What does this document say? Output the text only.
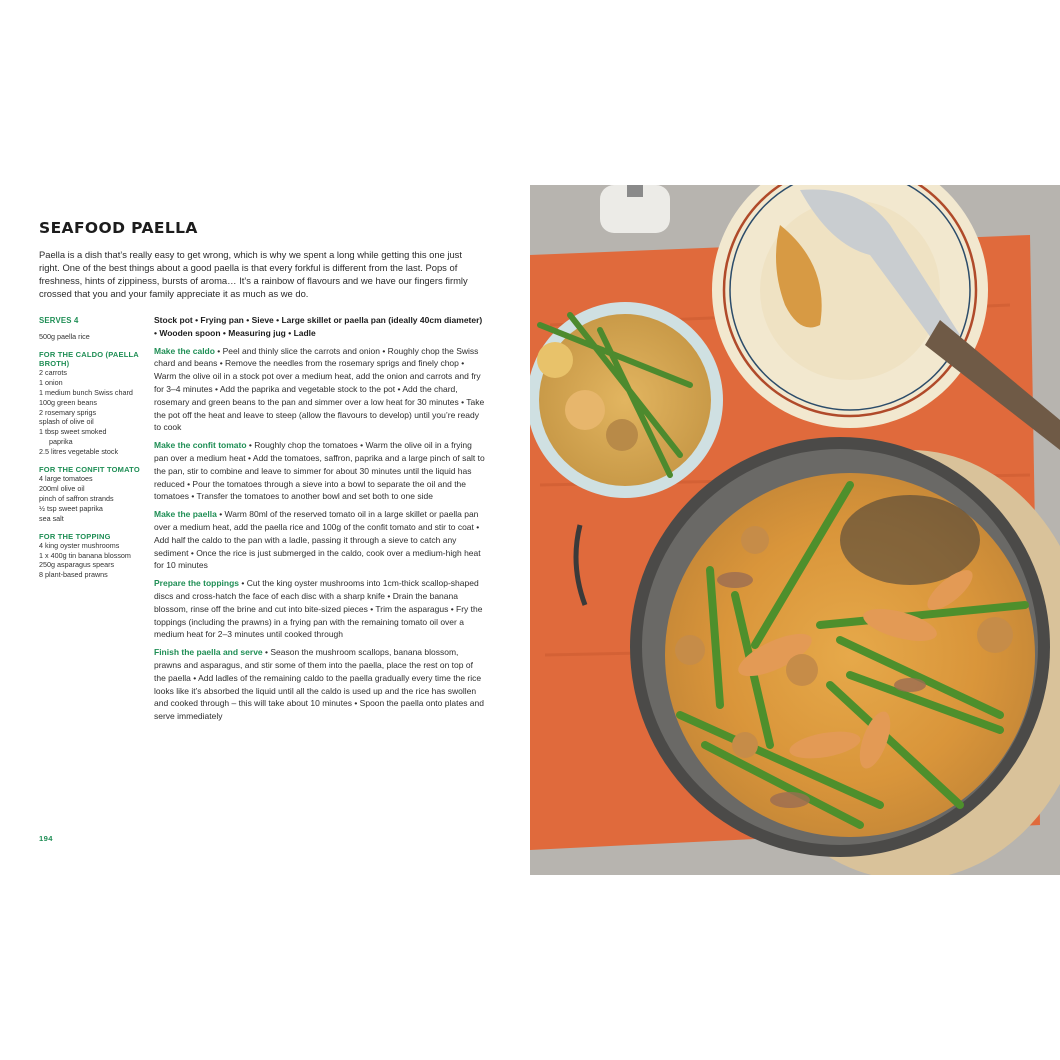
SEAFOOD PAELLA

Paella is a dish that’s really easy to get wrong, which is why we spent a long while getting this one just right. One of the best things about a good paella is that every forkful is different from the last. Pops of freshness, hints of zippiness, bursts of aroma… It’s a rainbow of flavours and we have our fingers firmly crossed that you and your family appreciate it as much as we do.

SERVES 4
500g paella rice
FOR THE CALDO (PAELLA BROTH)
2 carrots
1 onion
1 medium bunch Swiss chard
100g green beans
2 rosemary sprigs
splash of olive oil
1 tbsp sweet smoked
paprika
2.5 litres vegetable stock
FOR THE CONFIT TOMATO
4 large tomatoes
200ml olive oil
pinch of saffron strands
½ tsp sweet paprika
sea salt
FOR THE TOPPING
4 king oyster mushrooms
1 x 400g tin banana blossom
250g asparagus spears
8 plant-based prawns

Stock pot • Frying pan • Sieve • Large skillet or paella pan (ideally 40cm diameter) • Wooden spoon • Measuring jug • Ladle

Make the caldo • Peel and thinly slice the carrots and onion • Roughly chop the Swiss chard and beans • Remove the needles from the rosemary sprigs and finely chop • Warm the olive oil in a stock pot over a medium heat, add the onion and carrots and fry for 3–4 minutes • Add the paprika and vegetable stock to the pot • Add the chard, rosemary and green beans to the pan and simmer over a low heat for 30 minutes • Take the pot off the heat and leave to steep (allow the flavours to develop) until you’re ready to cook

Make the confit tomato • Roughly chop the tomatoes • Warm the olive oil in a frying pan over a medium heat • Add the tomatoes, saffron, paprika and a large pinch of salt to the pan, stir to combine and leave to simmer for about 30 minutes until the liquid has reduced • Pour the tomatoes through a sieve into a bowl to separate the oil and the tomatoes • Transfer the tomatoes to another bowl and set both to one side

Make the paella • Warm 80ml of the reserved tomato oil in a large skillet or paella pan over a medium heat, add the paella rice and 100g of the confit tomato and stir to coat • Add half the caldo to the pan with a ladle, passing it through a sieve to catch any sediment • Once the rice is just submerged in the caldo, cook over a medium-high heat for 10 minutes

Prepare the toppings • Cut the king oyster mushrooms into 1cm-thick scallop-shaped discs and cross-hatch the face of each disc with a sharp knife • Drain the banana blossom, rinse off the brine and cut into bite-sized pieces • Trim the asparagus • Fry the toppings (including the prawns) in a frying pan with the remaining tomato oil over a medium heat for 2–3 minutes until cooked through

Finish the paella and serve • Season the mushroom scallops, banana blossom, prawns and asparagus, and stir some of them into the paella, place the rest on top of the paella • Add ladles of the remaining caldo to the paella gradually every time the rice looks like it’s absorbed the liquid until all the caldo is used up and the rice has swollen and cooked through – this will take about 10 minutes • Spoon the paella onto plates and serve immediately

194
